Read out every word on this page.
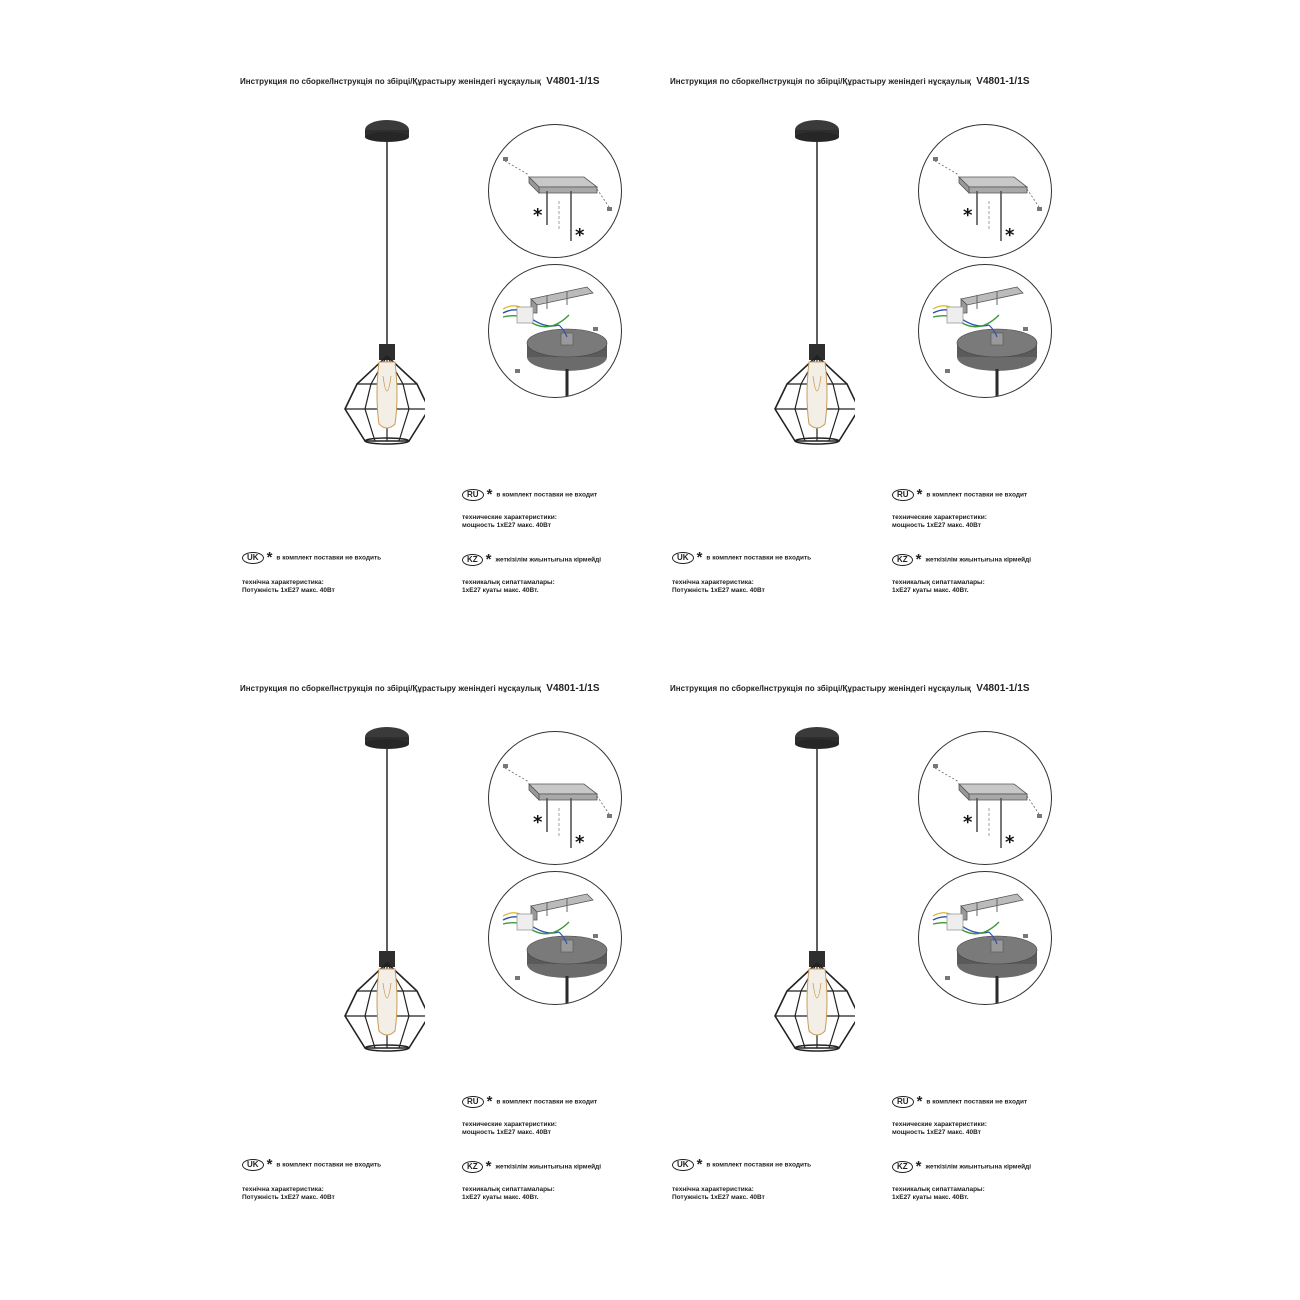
Инструкция по сборке/Інструкція по збірці/Құрастыру женіндегі нұсқаулық V4801-1/1S
*
*
RU * в комплект поставки не входит
технические характеристики:
мощность 1xE27 макс. 40Вт
UK * в комплект поставки не входить
технічна характеристика:
Потужність 1xE27 макс. 40Вт
KZ * жеткізілім жиынтығына кірмейді
техникалық сипаттамалары:
1xE27 куаты макс. 40Вт.
Инструкция по сборке/Інструкція по збірці/Құрастыру женіндегі нұсқаулық V4801-1/1S
*
*
RU * в комплект поставки не входит
технические характеристики:
мощность 1xE27 макс. 40Вт
UK * в комплект поставки не входить
технічна характеристика:
Потужність 1xE27 макс. 40Вт
KZ * жеткізілім жиынтығына кірмейді
техникалық сипаттамалары:
1xE27 куаты макс. 40Вт.
Инструкция по сборке/Інструкція по збірці/Құрастыру женіндегі нұсқаулық V4801-1/1S
*
*
RU * в комплект поставки не входит
технические характеристики:
мощность 1xE27 макс. 40Вт
UK * в комплект поставки не входить
технічна характеристика:
Потужність 1xE27 макс. 40Вт
KZ * жеткізілім жиынтығына кірмейді
техникалық сипаттамалары:
1xE27 куаты макс. 40Вт.
Инструкция по сборке/Інструкція по збірці/Құрастыру женіндегі нұсқаулық V4801-1/1S
*
*
RU * в комплект поставки не входит
технические характеристики:
мощность 1xE27 макс. 40Вт
UK * в комплект поставки не входить
технічна характеристика:
Потужність 1xE27 макс. 40Вт
KZ * жеткізілім жиынтығына кірмейді
техникалық сипаттамалары:
1xE27 куаты макс. 40Вт.
